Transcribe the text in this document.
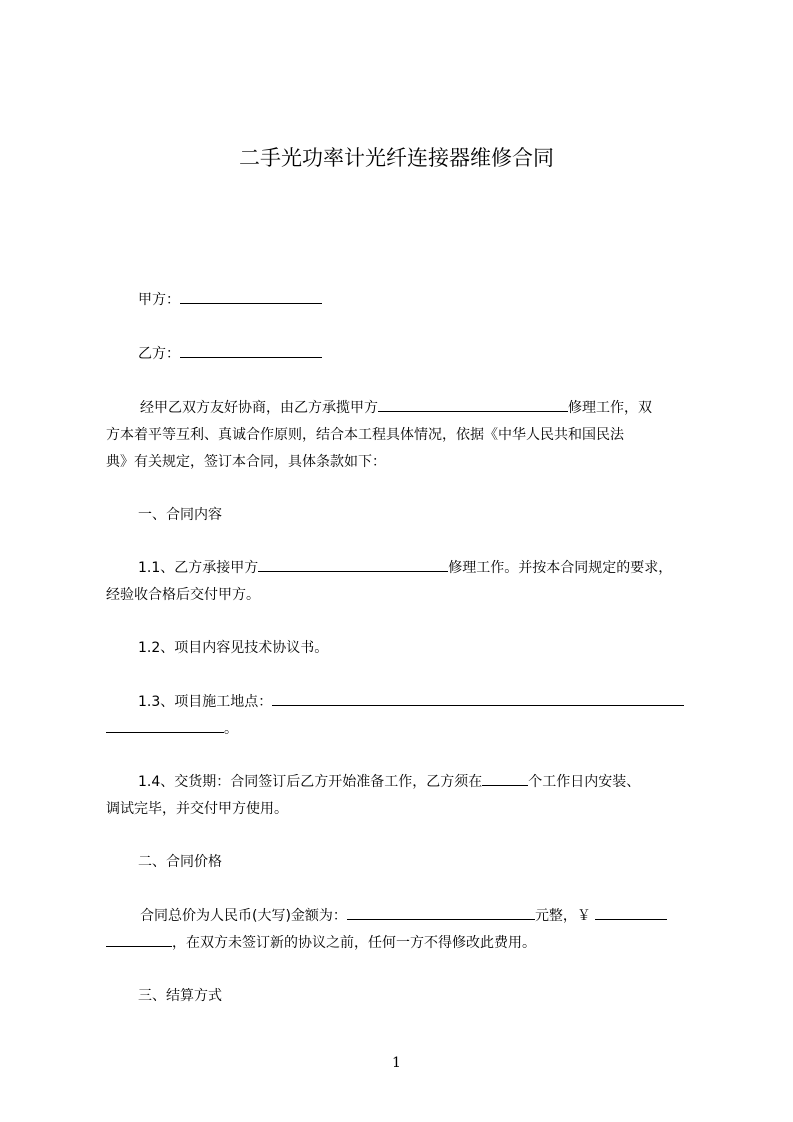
二手光功率计光纤连接器维修合同
甲方：
乙方：
经甲乙双方友好协商，由乙方承揽甲方	修理工作，双
方本着平等互利、真诚合作原则，结合本工程具体情况，依据《中华人民共和国民法
典》有关规定，签订本合同，具体条款如下：
一、合同内容
1.1、乙方承接甲方	修理工作。并按本合同规定的要求，
经验收合格后交付甲方。
1.2、项目内容见技术协议书。
1.3、项目施工地点：
。
1.4、交货期：合同签订后乙方开始准备工作，乙方须在	个工作日内安装、
调试完毕，并交付甲方使用。
二、合同价格
合同总价为人民币(大写)金额为：	元整，￥
，在双方未签订新的协议之前，任何一方不得修改此费用。
三、结算方式
1
